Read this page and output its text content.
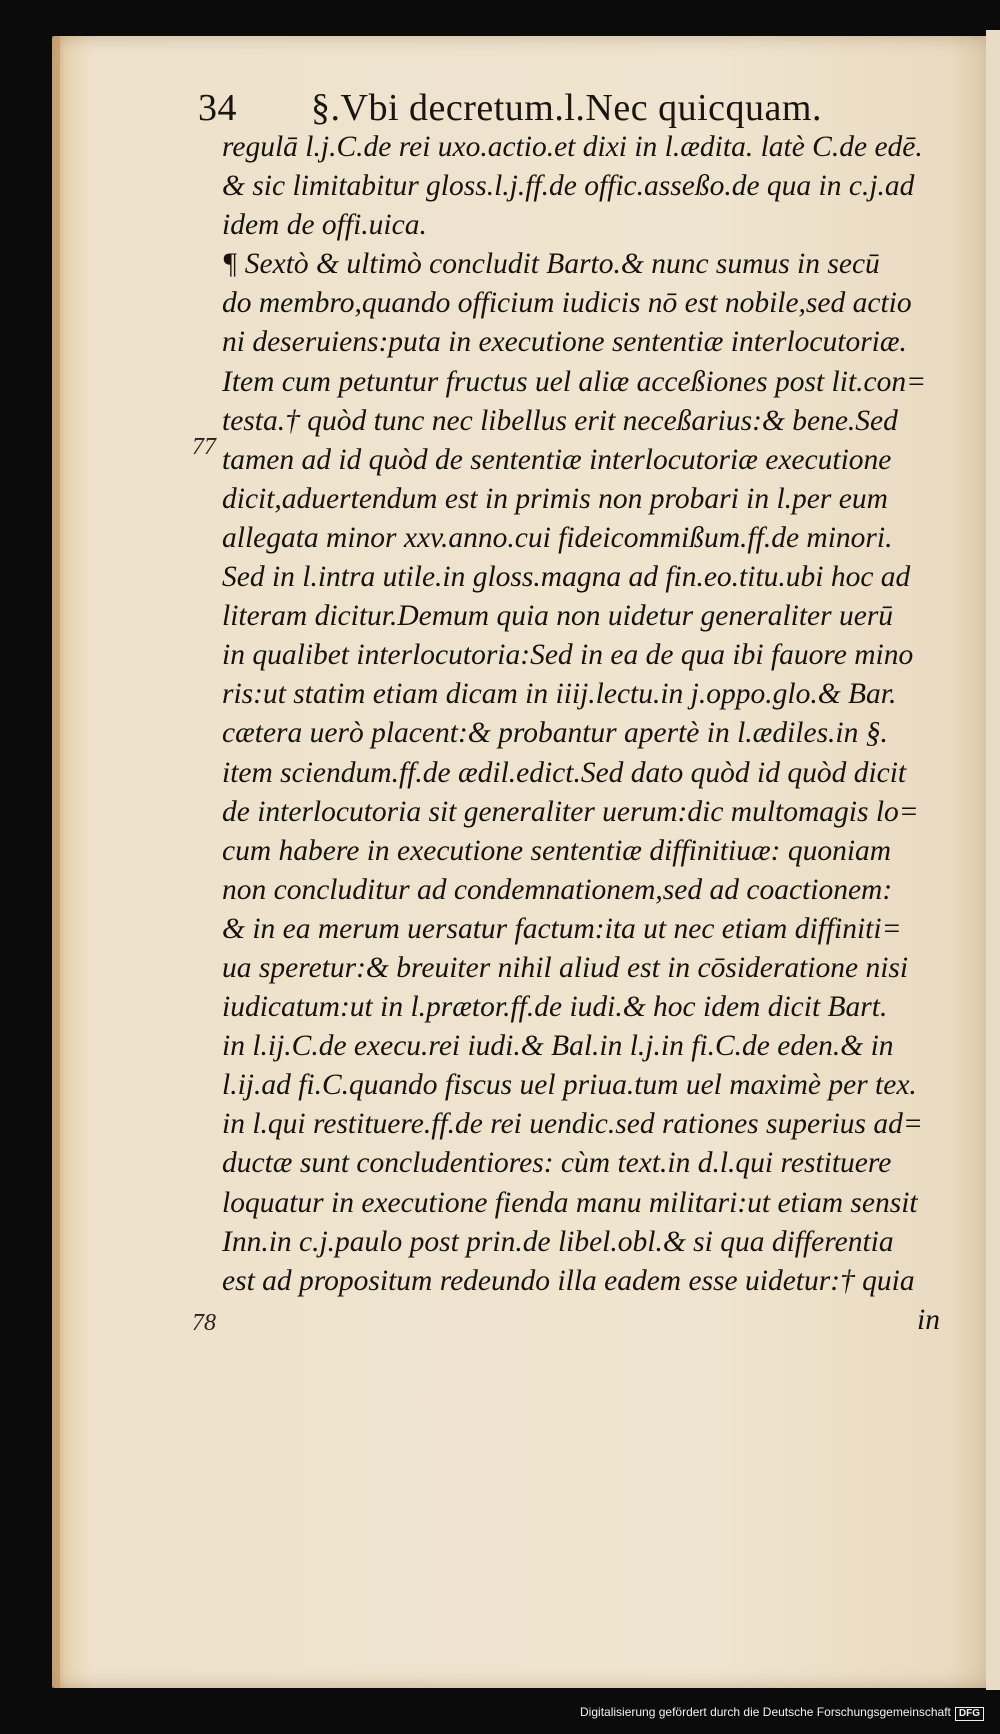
34 §.Vbi decretum.l.Nec quicquam.
77
78
regulā l.j.C.de rei uxo.actio.et dixi in l.ædita. latè C.de edē.
& sic limitabitur gloss.l.j.ff.de offic.asseßo.de qua in c.j.ad
idem de offi.uica.
¶ Sextò & ultimò concludit Barto.& nunc sumus in secū
do membro,quando officium iudicis nō est nobile,sed actio
ni deseruiens:puta in executione sententiæ interlocutoriæ.
Item cum petuntur fructus uel aliæ acceßiones post lit.con=
testa.† quòd tunc nec libellus erit neceßarius:& bene.Sed
tamen ad id quòd de sententiæ interlocutoriæ executione
dicit,aduertendum est in primis non probari in l.per eum
allegata minor xxv.anno.cui fideicommißum.ff.de minori.
Sed in l.intra utile.in gloss.magna ad fin.eo.titu.ubi hoc ad
literam dicitur.Demum quia non uidetur generaliter uerū
in qualibet interlocutoria:Sed in ea de qua ibi fauore mino
ris:ut statim etiam dicam in iiij.lectu.in j.oppo.glo.& Bar.
cætera uerò placent:& probantur apertè in l.ædiles.in §.
item sciendum.ff.de ædil.edict.Sed dato quòd id quòd dicit
de interlocutoria sit generaliter uerum:dic multomagis lo=
cum habere in executione sententiæ diffinitiuæ: quoniam
non concluditur ad condemnationem,sed ad coactionem:
& in ea merum uersatur factum:ita ut nec etiam diffiniti=
ua speretur:& breuiter nihil aliud est in cōsideratione nisi
iudicatum:ut in l.prætor.ff.de iudi.& hoc idem dicit Bart.
in l.ij.C.de execu.rei iudi.& Bal.in l.j.in fi.C.de eden.& in
l.ij.ad fi.C.quando fiscus uel priua.tum uel maximè per tex.
in l.qui restituere.ff.de rei uendic.sed rationes superius ad=
ductæ sunt concludentiores: cùm text.in d.l.qui restituere
loquatur in executione fienda manu militari:ut etiam sensit
Inn.in c.j.paulo post prin.de libel.obl.& si qua differentia
est ad propositum redeundo illa eadem esse uidetur:† quia
in
Digitalisierung gefördert durch die Deutsche Forschungsgemeinschaft DFG
